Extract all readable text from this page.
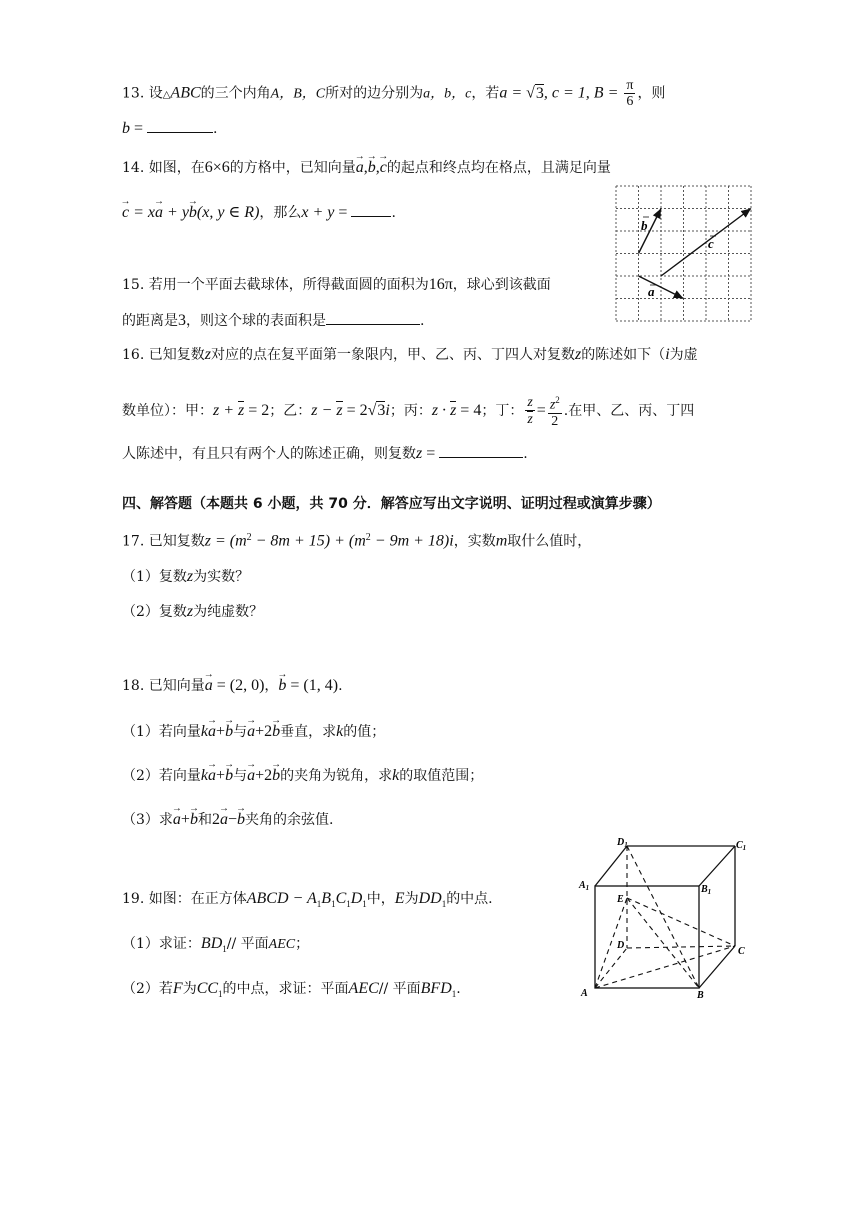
13. 设△ABC的三个内角A，B，C所对的边分别为a，b，c，若a = √3, c = 1, $B = \frac{\pi}{6}$ ，则
b =	.
14. 如图，在6×6的方格中，已知向量→ a,→ b,→ c的起点和终点均在格点，且满足向量
→ c = x→ a + y→ b(x, y ∈ R)，那么x + y =	.
b
c
a
15. 若用一个平面去截球体，所得截面圆的面积为16π，球心到该截面
的距离是3，则这个球的表面积是	.
16. 已知复数z对应的点在复平面第一象限内，甲、乙、丙、丁四人对复数z的陈述如下（i为虚
数单位）：甲：z + z = 2；乙：z − z = 2√3i；丙：z · z = 4；丁： $\frac{z}{z} = \frac{z^2}{2}$ .在甲、乙、丙、丁四
人陈述中，有且只有两个人的陈述正确，则复数z =	.
四、解答题（本题共 6 小题，共 70 分．解答应写出文字说明、证明过程或演算步骤）
17. 已知复数$z = (m^2 - 8m + 15) + (m^2 - 9m + 18)i$，实数m取什么值时，
（1）复数z为实数？
（2）复数z为纯虚数？
18. 已知向量→ a = (2, 0)，→ b = (1, 4).
（1）若向量k→ a+→ b与→ a+2→ b垂直，求k的值；
（2）若向量k→ a+→ b与→ a+2→ b的夹角为锐角，求k的取值范围；
（3）求→ a+→ b和2→ a−→ b夹角的余弦值.
19. 如图：在正方体ABCD − $A_1B_1C_1D_1$中，E为$DD_1$的中点.
（1）求证：$BD_1//$ 平面AEC；
（2）若F为$CC_1$的中点，求证：平面AEC// 平面$BFD_1$.
$D_1$	$C_1$
$A_1$	$B_1$
E
D
C
A	B
